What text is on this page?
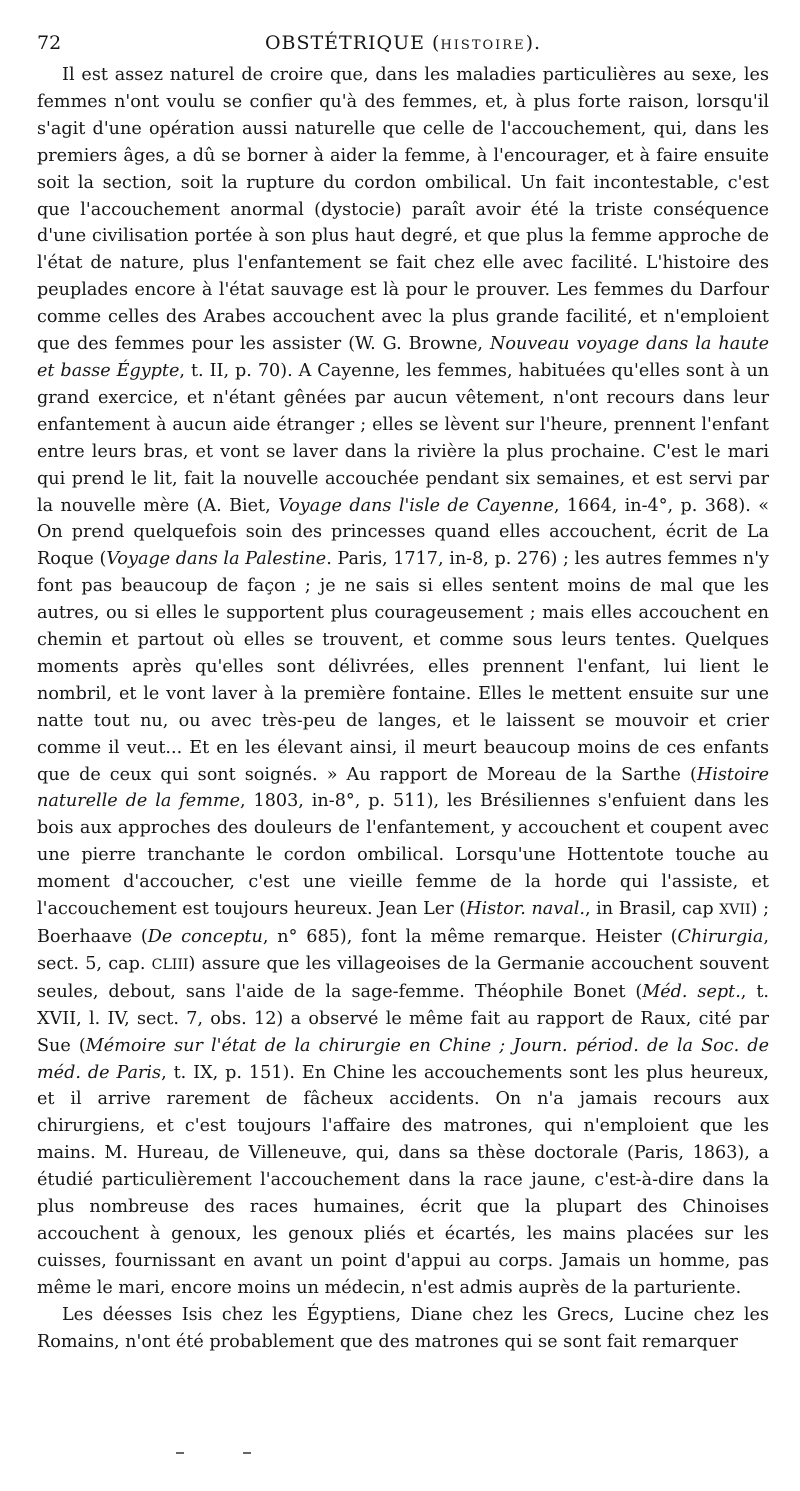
72	OBSTÉTRIQUE (HISTOIRE).

Il est assez naturel de croire que, dans les maladies particulières au sexe, les femmes n'ont voulu se confier qu'à des femmes, et, à plus forte raison, lorsqu'il s'agit d'une opération aussi naturelle que celle de l'accouchement, qui, dans les premiers âges, a dû se borner à aider la femme, à l'encourager, et à faire ensuite soit la section, soit la rupture du cordon ombilical. Un fait incontestable, c'est que l'accouchement anormal (dystocie) paraît avoir été la triste conséquence d'une civilisation portée à son plus haut degré, et que plus la femme approche de l'état de nature, plus l'enfantement se fait chez elle avec facilité. L'histoire des peuplades encore à l'état sauvage est là pour le prouver. Les femmes du Darfour comme celles des Arabes accouchent avec la plus grande facilité, et n'emploient que des femmes pour les assister (W. G. Browne, Nouveau voyage dans la haute et basse Égypte, t. II, p. 70). A Cayenne, les femmes, habituées qu'elles sont à un grand exercice, et n'étant gênées par aucun vêtement, n'ont recours dans leur enfantement à aucun aide étranger ; elles se lèvent sur l'heure, prennent l'enfant entre leurs bras, et vont se laver dans la rivière la plus prochaine. C'est le mari qui prend le lit, fait la nouvelle accouchée pendant six semaines, et est servi par la nouvelle mère (A. Biet, Voyage dans l'isle de Cayenne, 1664, in-4°, p. 368). « On prend quelquefois soin des princesses quand elles accouchent, écrit de La Roque (Voyage dans la Palestine. Paris, 1717, in-8, p. 276) ; les autres femmes n'y font pas beaucoup de façon ; je ne sais si elles sentent moins de mal que les autres, ou si elles le supportent plus courageusement ; mais elles accouchent en chemin et partout où elles se trouvent, et comme sous leurs tentes. Quelques moments après qu'elles sont délivrées, elles prennent l'enfant, lui lient le nombril, et le vont laver à la première fontaine. Elles le mettent ensuite sur une natte tout nu, ou avec très-peu de langes, et le laissent se mouvoir et crier comme il veut... Et en les élevant ainsi, il meurt beaucoup moins de ces enfants que de ceux qui sont soignés. » Au rapport de Moreau de la Sarthe (Histoire naturelle de la femme, 1803, in-8°, p. 511), les Brésiliennes s'enfuient dans les bois aux approches des douleurs de l'enfantement, y accouchent et coupent avec une pierre tranchante le cordon ombilical. Lorsqu'une Hottentote touche au moment d'accoucher, c'est une vieille femme de la horde qui l'assiste, et l'accouchement est toujours heureux. Jean Ler (Histor. naval., in Brasil, cap XVII) ; Boerhaave (De conceptu, n° 685), font la même remarque. Heister (Chirurgia, sect. 5, cap. CLIII) assure que les villageoises de la Germanie accouchent souvent seules, debout, sans l'aide de la sage-femme. Théophile Bonet (Méd. sept., t. XVII, l. IV, sect. 7, obs. 12) a observé le même fait au rapport de Raux, cité par Sue (Mémoire sur l'état de la chirurgie en Chine ; Journ. périod. de la Soc. de méd. de Paris, t. IX, p. 151). En Chine les accouchements sont les plus heureux, et il arrive rarement de fâcheux accidents. On n'a jamais recours aux chirurgiens, et c'est toujours l'affaire des matrones, qui n'emploient que les mains. M. Hureau, de Villeneuve, qui, dans sa thèse doctorale (Paris, 1863), a étudié particulièrement l'accouchement dans la race jaune, c'est-à-dire dans la plus nombreuse des races humaines, écrit que la plupart des Chinoises accouchent à genoux, les genoux pliés et écartés, les mains placées sur les cuisses, fournissant en avant un point d'appui au corps. Jamais un homme, pas même le mari, encore moins un médecin, n'est admis auprès de la parturiente.

Les déesses Isis chez les Égyptiens, Diane chez les Grecs, Lucine chez les Romains, n'ont été probablement que des matrones qui se sont fait remarquer
